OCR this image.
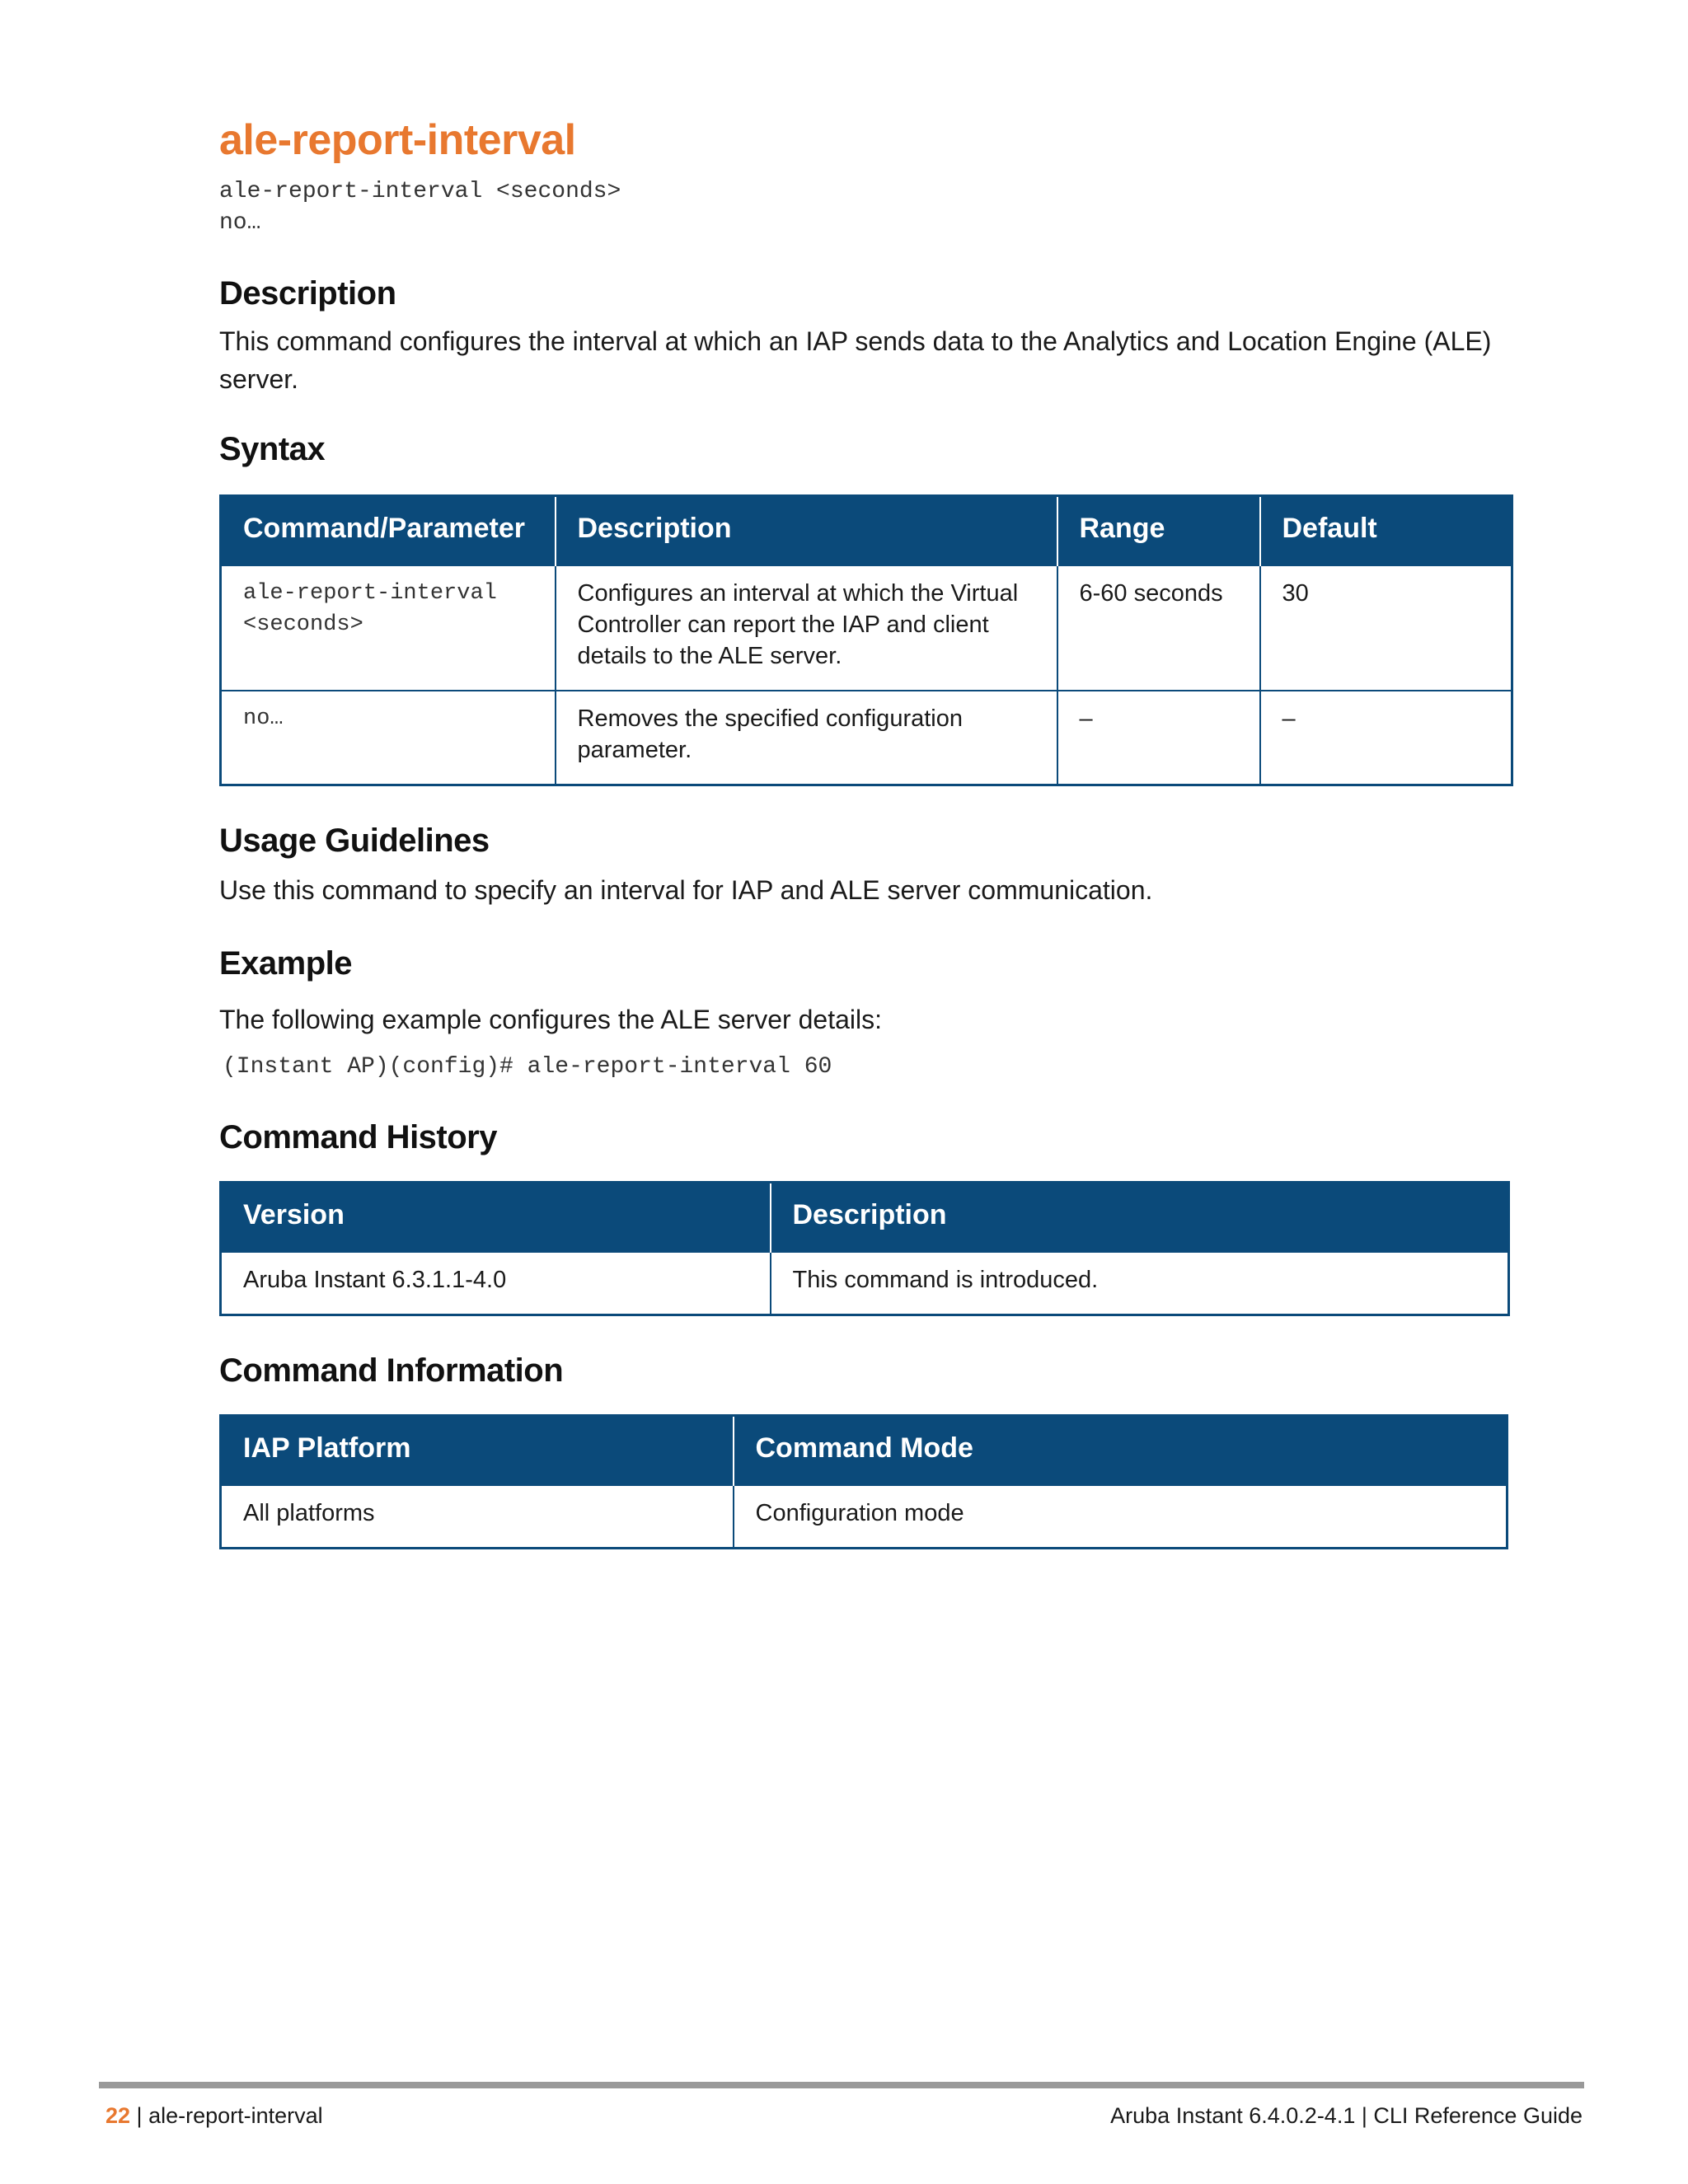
ale-report-interval
ale-report-interval <seconds>
no…
Description

This command configures the interval at which an IAP sends data to the Analytics and Location Engine (ALE) server.

Syntax
Command/Parameter	Description	Range	Default
ale-report-interval <seconds>	Configures an interval at which the Virtual Controller can report the IAP and client details to the ALE server.	6-60 seconds	30
no…	Removes the specified configuration parameter.	–	–
Usage Guidelines

Use this command to specify an interval for IAP and ALE server communication.

Example

The following example configures the ALE server details:

(Instant AP)(config)# ale-report-interval 60
Command History
Version	Description
Aruba Instant 6.3.1.1-4.0	This command is introduced.
Command Information
IAP Platform	Command Mode
All platforms	Configuration mode
22 | ale-report-interval	Aruba Instant 6.4.0.2-4.1 | CLI Reference Guide
